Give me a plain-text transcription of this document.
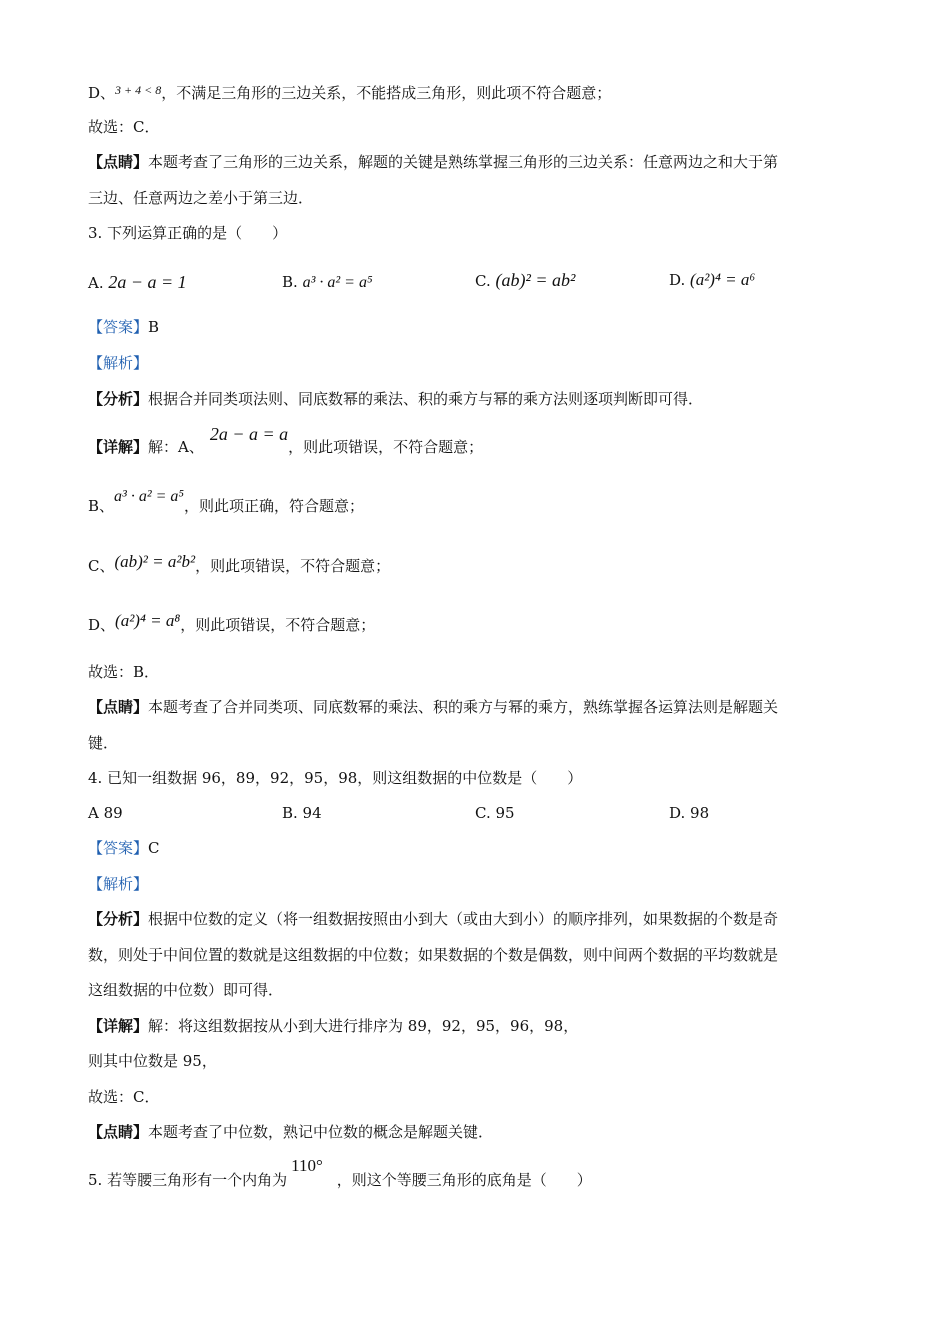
D、$^{3 + 4 < 8}$，不满足三角形的三边关系，不能搭成三角形，则此项不符合题意；
故选：C．
【点睛】本题考查了三角形的三边关系，解题的关键是熟练掌握三角形的三边关系：任意两边之和大于第
三边、任意两边之差小于第三边．
3. 下列运算正确的是（　　）
A. 2a − a = 1	B. a³ · a² = a⁵	C. (ab)² = ab²	D. (a²)⁴ = a⁶
【答案】B
【解析】
【分析】根据合并同类项法则、同底数幂的乘法、积的乘方与幂的乘方法则逐项判断即可得．
【详解】解：A、2a − a = a，则此项错误，不符合题意；
B、a³ · a² = a⁵，则此项正确，符合题意；
C、(ab)² = a²b²，则此项错误，不符合题意；
D、(a²)⁴ = a⁸，则此项错误，不符合题意；
故选：B．
【点睛】本题考查了合并同类项、同底数幂的乘法、积的乘方与幂的乘方，熟练掌握各运算法则是解题关
键．
4. 已知一组数据 96，89，92，95，98，则这组数据的中位数是（　　）
A 89	B. 94	C. 95	D. 98
【答案】C
【解析】
【分析】根据中位数的定义（将一组数据按照由小到大（或由大到小）的顺序排列，如果数据的个数是奇
数，则处于中间位置的数就是这组数据的中位数；如果数据的个数是偶数，则中间两个数据的平均数就是
这组数据的中位数）即可得．
【详解】解：将这组数据按从小到大进行排序为 89，92，95，96，98，
则其中位数是 95，
故选：C．
【点睛】本题考查了中位数，熟记中位数的概念是解题关键．
5. 若等腰三角形有一个内角为110°，则这个等腰三角形的底角是（　　）
